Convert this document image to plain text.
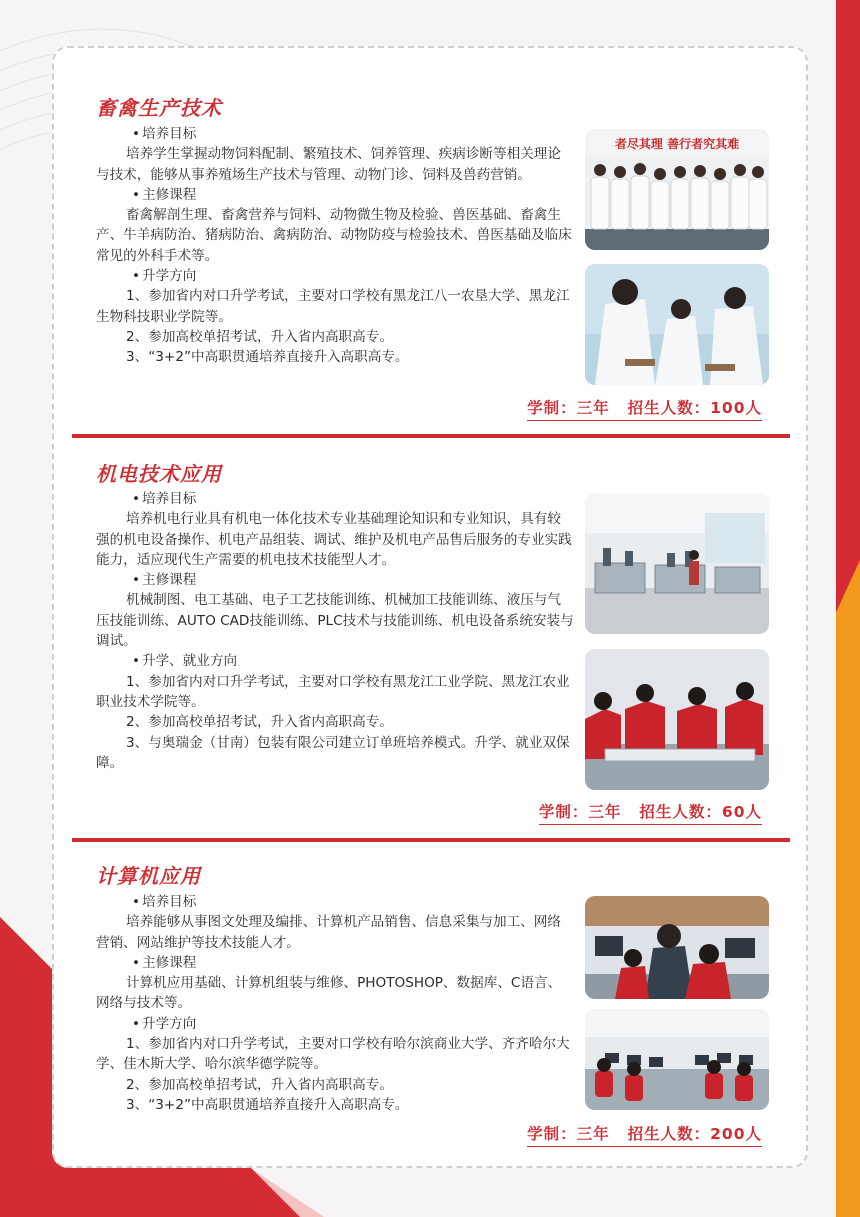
畜禽生产技术
• 培养目标
培养学生掌握动物饲料配制、繁殖技术、饲养管理、疾病诊断等相关理论与技术，能够从事养殖场生产技术与管理、动物门诊、饲料及兽药营销。
• 主修课程
畜禽解剖生理、畜禽营养与饲料、动物微生物及检验、兽医基础、畜禽生产、牛羊病防治、猪病防治、禽病防治、动物防疫与检验技术、兽医基础及临床常见的外科手术等。
• 升学方向
1、参加省内对口升学考试，主要对口学校有黑龙江八一农垦大学、黑龙江生物科技职业学院等。
2、参加高校单招考试，升入省内高职高专。
3、“3+2”中高职贯通培养直接升入高职高专。
者尽其理 善行者究其难
学制：三年 招生人数：100人
机电技术应用
• 培养目标
培养机电行业具有机电一体化技术专业基础理论知识和专业知识，具有较强的机电设备操作、机电产品组装、调试、维护及机电产品售后服务的专业实践能力，适应现代生产需要的机电技术技能型人才。
• 主修课程
机械制图、电工基础、电子工艺技能训练、机械加工技能训练、液压与气压技能训练、AUTO CAD技能训练、PLC技术与技能训练、机电设备系统安装与调试。
• 升学、就业方向
1、参加省内对口升学考试，主要对口学校有黑龙江工业学院、黑龙江农业职业技术学院等。
2、参加高校单招考试，升入省内高职高专。
3、与奥瑞金（甘南）包装有限公司建立订单班培养模式。升学、就业双保障。
学制：三年 招生人数：60人
计算机应用
• 培养目标
培养能够从事图文处理及编排、计算机产品销售、信息采集与加工、网络营销、网站维护等技术技能人才。
• 主修课程
计算机应用基础、计算机组装与维修、PHOTOSHOP、数据库、C语言、网络与技术等。
• 升学方向
1、参加省内对口升学考试，主要对口学校有哈尔滨商业大学、齐齐哈尔大学、佳木斯大学、哈尔滨华德学院等。
2、参加高校单招考试，升入省内高职高专。
3、“3+2”中高职贯通培养直接升入高职高专。
学制：三年 招生人数：200人
